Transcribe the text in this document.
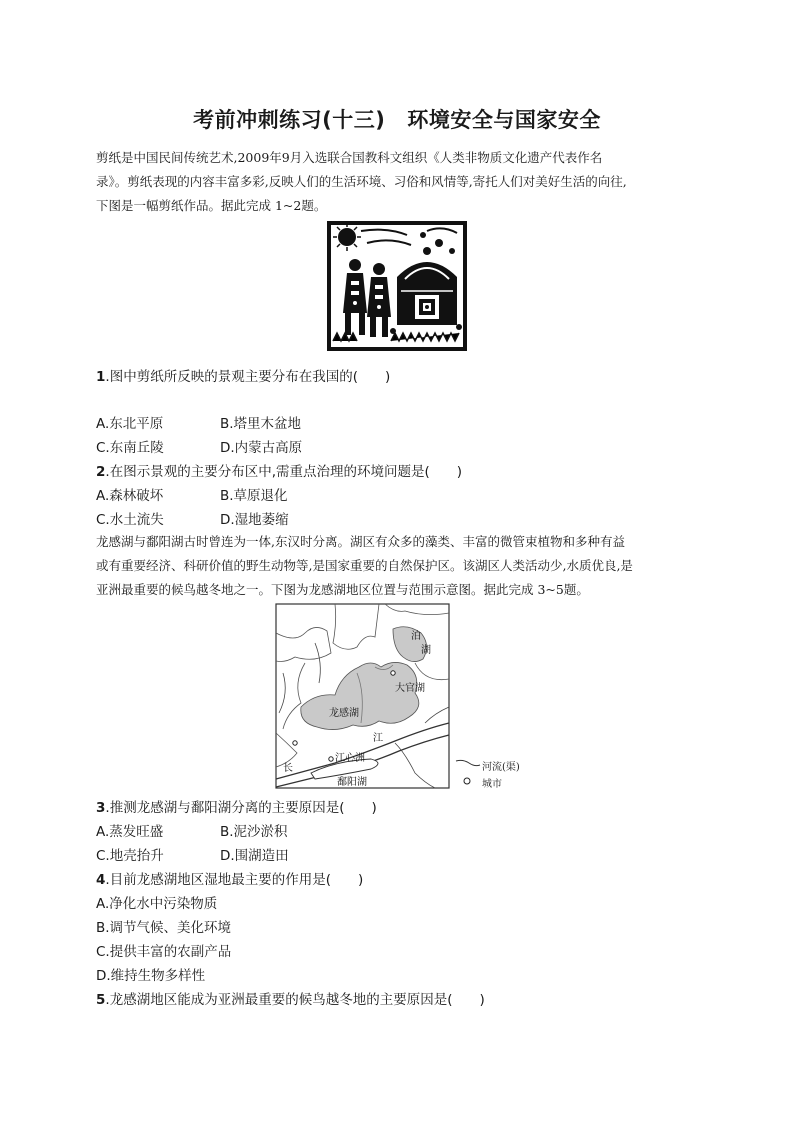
考前冲刺练习(十三) 环境安全与国家安全
剪纸是中国民间传统艺术,2009年9月入选联合国教科文组织《人类非物质文化遗产代表作名
录》。剪纸表现的内容丰富多彩,反映人们的生活环境、习俗和风情等,寄托人们对美好生活的向往,
下图是一幅剪纸作品。据此完成 1~2题。
1.图中剪纸所反映的景观主要分布在我国的(　　)
A.东北平原	B.塔里木盆地
C.东南丘陵	D.内蒙古高原
2.在图示景观的主要分布区中,需重点治理的环境问题是(　　)
A.森林破坏	B.草原退化
C.水土流失	D.湿地萎缩
龙感湖与鄱阳湖古时曾连为一体,东汉时分离。湖区有众多的藻类、丰富的微管束植物和多种有益
或有重要经济、科研价值的野生动物等,是国家重要的自然保护区。该湖区人类活动少,水质优良,是
亚洲最重要的候鸟越冬地之一。下图为龙感湖地区位置与范围示意图。据此完成 3~5题。
龙感湖
大官湖
泊
湖
长
江
江心洲
鄱阳湖
河流(渠)
城市
3.推测龙感湖与鄱阳湖分离的主要原因是(　　)
A.蒸发旺盛	B.泥沙淤积
C.地壳抬升	D.围湖造田
4.目前龙感湖地区湿地最主要的作用是(　　)
A.净化水中污染物质
B.调节气候、美化环境
C.提供丰富的农副产品
D.维持生物多样性
5.龙感湖地区能成为亚洲最重要的候鸟越冬地的主要原因是(　　)
